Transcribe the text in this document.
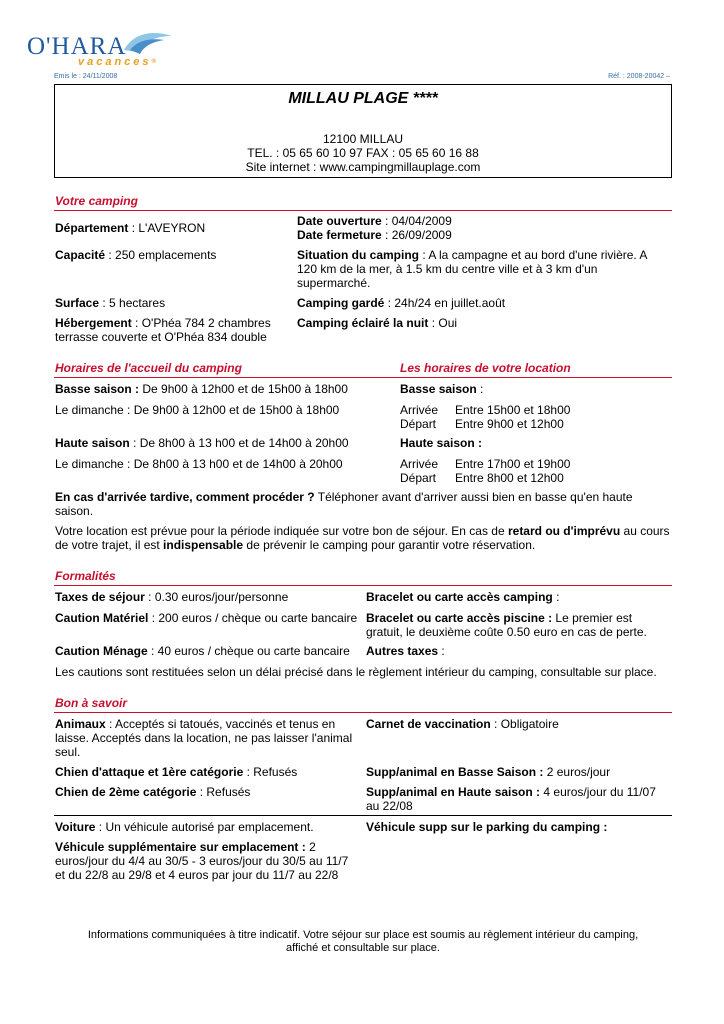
O'HARA
vacances®
Emis le : 24/11/2008	Réf. : 2008-20042 –
MILLAU PLAGE ****
12100 MILLAU
TEL. : 05 65 60 10 97 FAX : 05 65 60 16 88
Site internet : www.campingmillauplage.com
Votre camping
Département : L'AVEYRON
Capacité : 250 emplacements
Surface : 5 hectares
Hébergement : O'Phéa 784 2 chambres
terrasse couverte et O'Phéa 834 double
Date ouverture : 04/04/2009
Date fermeture : 26/09/2009
Situation du camping : A la campagne et au bord d'une rivière. A
120 km de la mer, à 1.5 km du centre ville et à 3 km d'un
supermarché.
Camping gardé : 24h/24 en juillet.août
Camping éclairé la nuit : Oui
Horaires de l'accueil du camping	Les horaires de votre location
Basse saison : De 9h00 à 12h00 et de 15h00 à 18h00
Le dimanche : De 9h00 à 12h00 et de 15h00 à 18h00
Haute saison : De 8h00 à 13 h00 et de 14h00 à 20h00
Le dimanche : De 8h00 à 13 h00 et de 14h00 à 20h00
Basse saison :
Arrivée Entre 15h00 et 18h00
Départ Entre 9h00 et 12h00
Haute saison :
Arrivée Entre 17h00 et 19h00
Départ Entre 8h00 et 12h00
En cas d'arrivée tardive, comment procéder ? Téléphoner avant d'arriver aussi bien en basse qu'en haute
saison.
Votre location est prévue pour la période indiquée sur votre bon de séjour. En cas de retard ou d'imprévu au cours
de votre trajet, il est indispensable de prévenir le camping pour garantir votre réservation.
Formalités
Taxes de séjour : 0.30 euros/jour/personne
Caution Matériel : 200 euros / chèque ou carte bancaire
Caution Ménage : 40 euros / chèque ou carte bancaire
Bracelet ou carte accès camping :
Bracelet ou carte accès piscine : Le premier est
gratuit, le deuxième coûte 0.50 euro en cas de perte.
Autres taxes :
Les cautions sont restituées selon un délai précisé dans le règlement intérieur du camping, consultable sur place.
Bon à savoir
Animaux : Acceptés si tatoués, vaccinés et tenus en
laisse. Acceptés dans la location, ne pas laisser l'animal
seul.
Chien d'attaque et 1ère catégorie : Refusés
Chien de 2ème catégorie : Refusés
Carnet de vaccination : Obligatoire
Supp/animal en Basse Saison : 2 euros/jour
Supp/animal en Haute saison : 4 euros/jour du 11/07
au 22/08
Voiture : Un véhicule autorisé par emplacement.
Véhicule supplémentaire sur emplacement : 2
euros/jour du 4/4 au 30/5 - 3 euros/jour du 30/5 au 11/7
et du 22/8 au 29/8 et 4 euros par jour du 11/7 au 22/8
Véhicule supp sur le parking du camping :
Informations communiquées à titre indicatif. Votre séjour sur place est soumis au règlement intérieur du camping,
affiché et consultable sur place.
